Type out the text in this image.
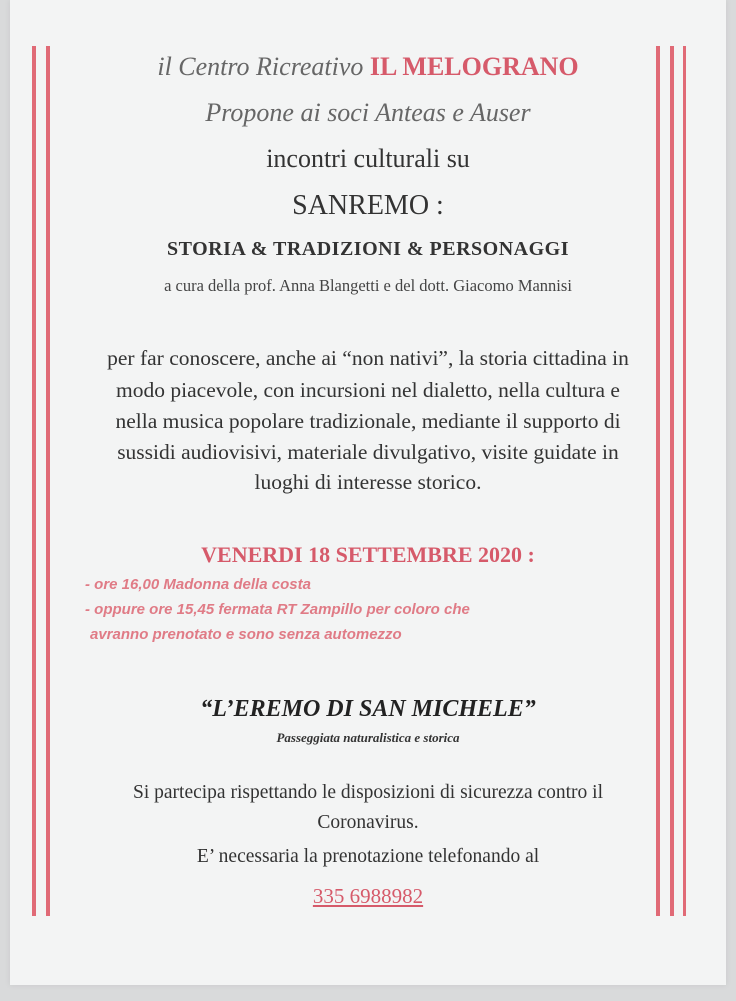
il Centro Ricreativo IL MELOGRANO
Propone ai soci Anteas e Auser
incontri culturali su
SANREMO :
STORIA & TRADIZIONI & PERSONAGGI
a cura della prof. Anna Blangetti e del dott. Giacomo Mannisi
per far conoscere, anche ai “non nativi”, la storia cittadina in
modo piacevole, con incursioni nel dialetto, nella cultura e
nella musica popolare tradizionale, mediante il supporto di
sussidi audiovisivi, materiale divulgativo, visite guidate in
luoghi di interesse storico.
VENERDI 18 SETTEMBRE 2020 :
- ore 16,00 Madonna della costa
- oppure ore 15,45 fermata RT Zampillo per coloro che
avranno prenotato e sono senza automezzo
“L’EREMO DI SAN MICHELE”
Passeggiata naturalistica e storica
Si partecipa rispettando le disposizioni di sicurezza contro il
Coronavirus.
E’ necessaria la prenotazione telefonando al
335 6988982
